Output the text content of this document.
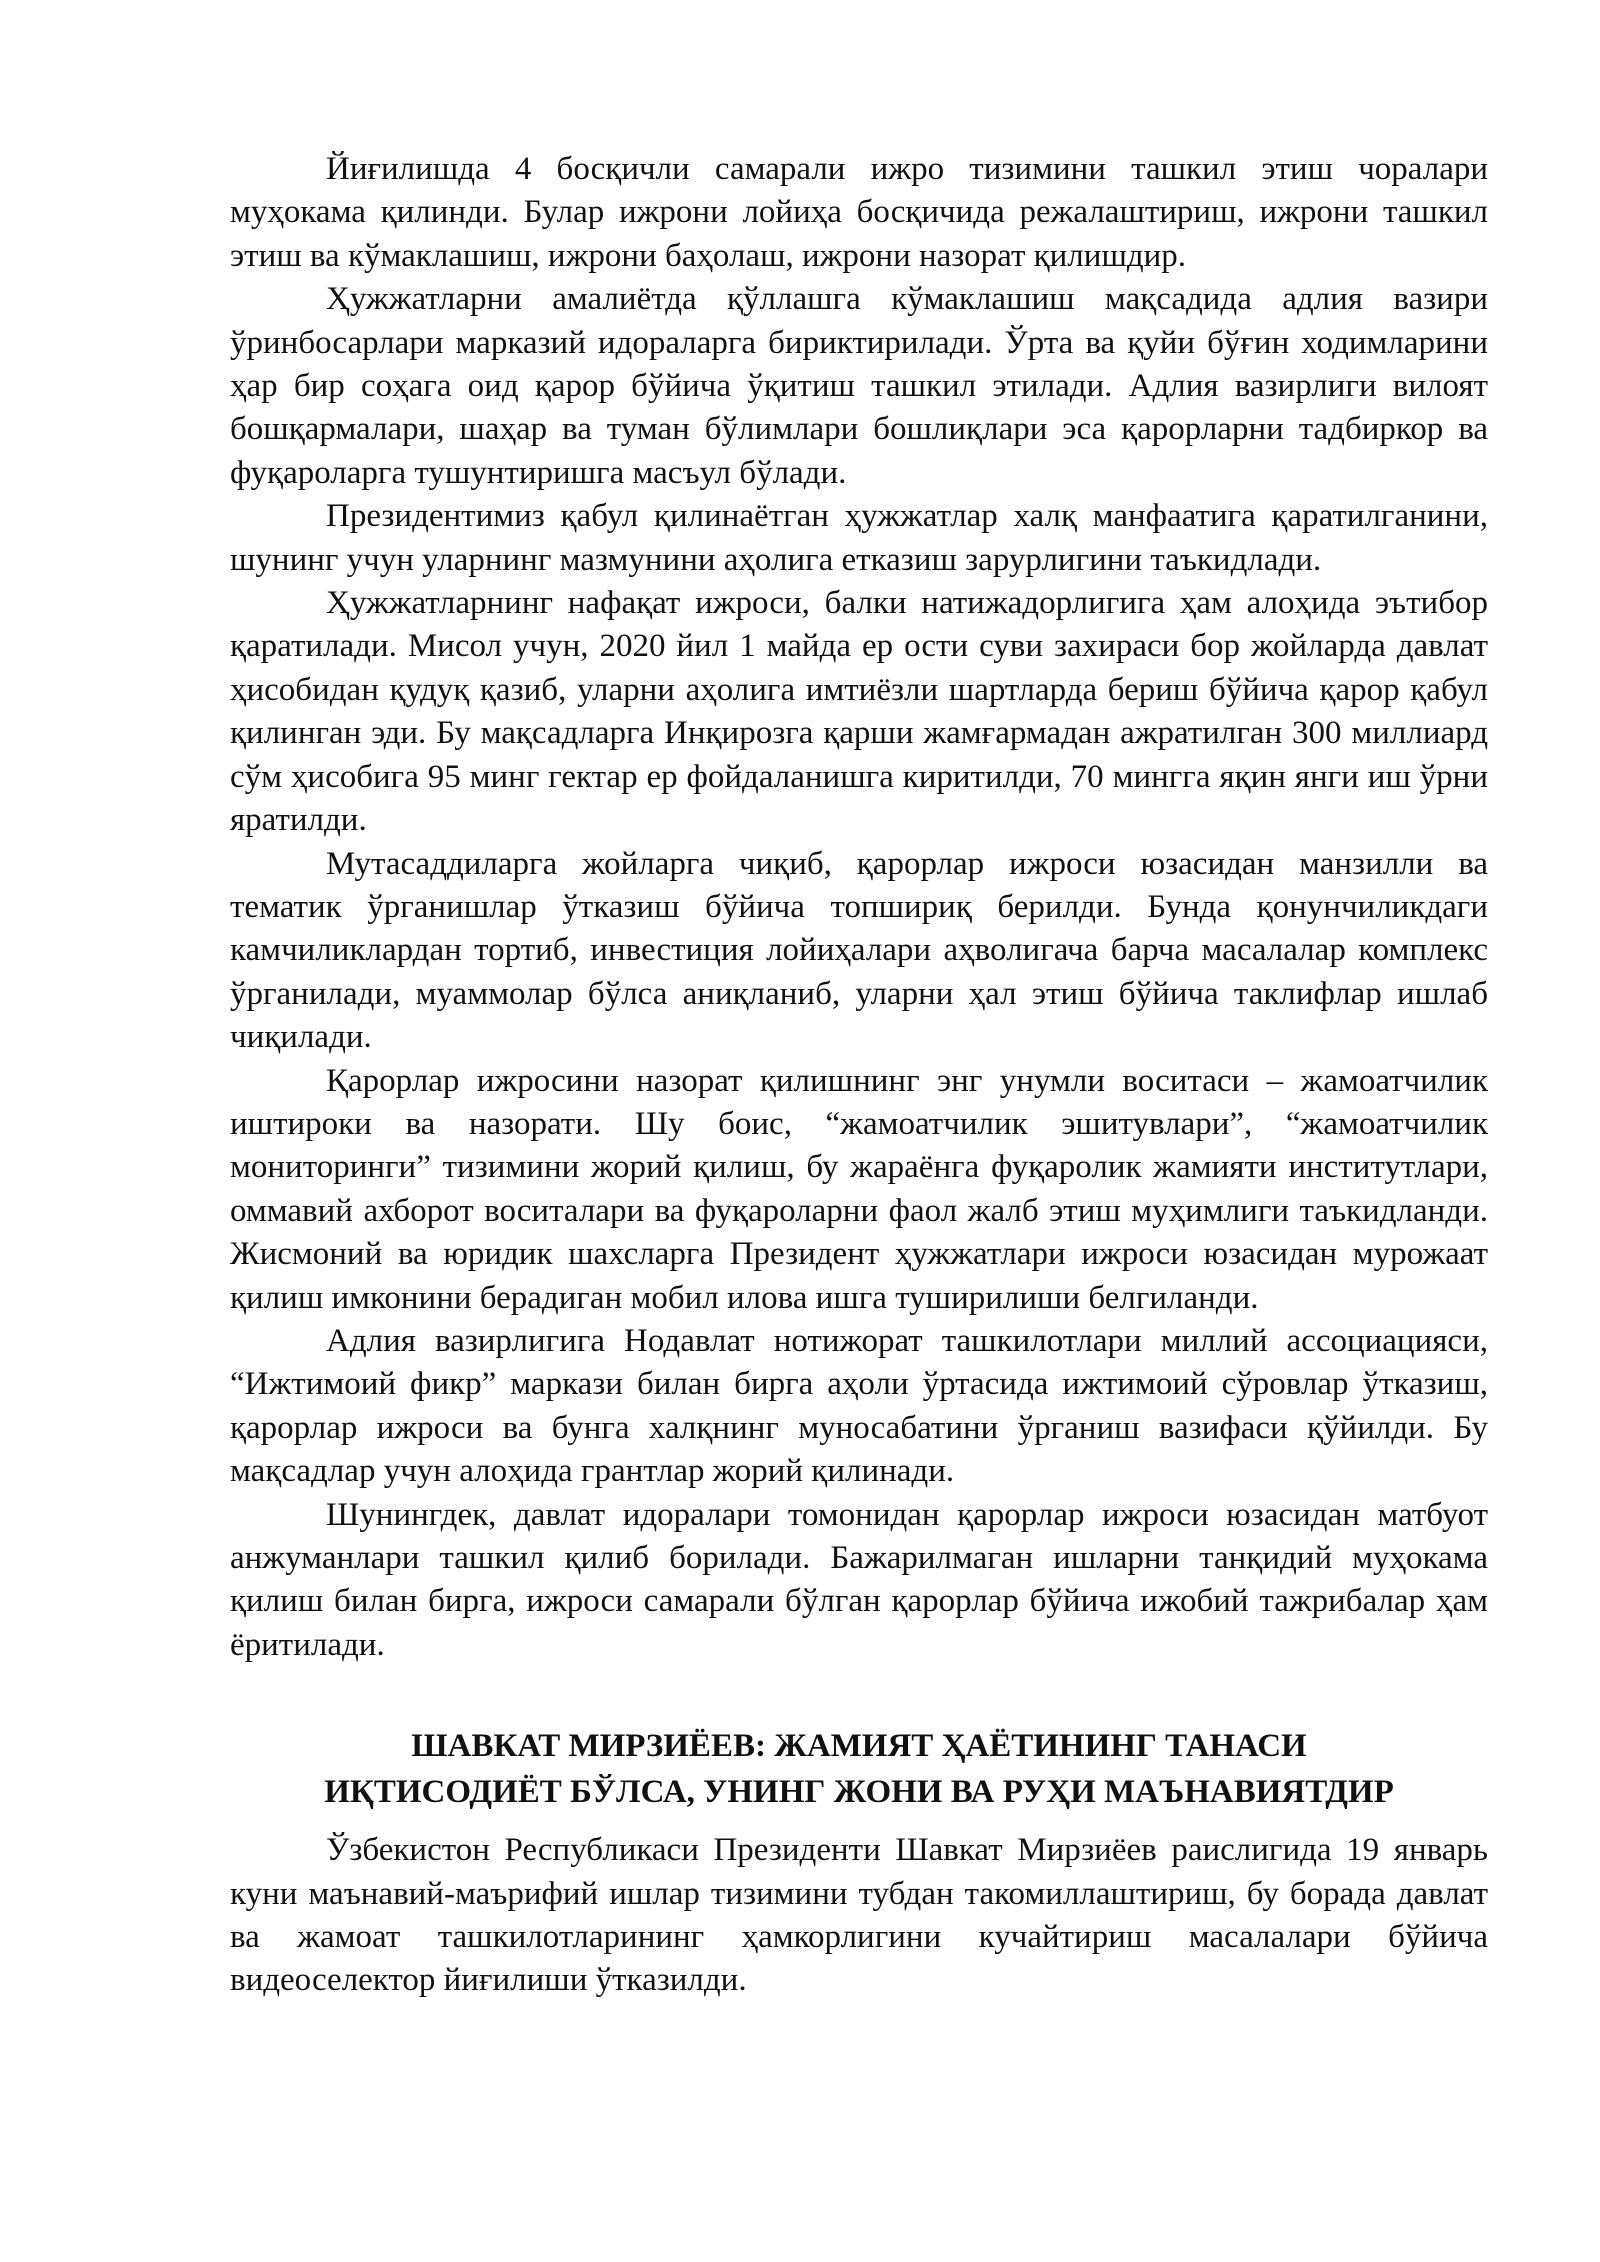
Йиғилишда 4 босқичли самарали ижро тизимини ташкил этиш чоралари муҳокама қилинди. Булар ижрони лойиҳа босқичида режалаштириш, ижрони ташкил этиш ва кўмаклашиш, ижрони баҳолаш, ижрони назорат қилишдир.

Ҳужжатларни амалиётда қўллашга кўмаклашиш мақсадида адлия вазири ўринбосарлари марказий идораларга бириктирилади. Ўрта ва қуйи бўғин ходимларини ҳар бир соҳага оид қарор бўйича ўқитиш ташкил этилади. Адлия вазирлиги вилоят бошқармалари, шаҳар ва туман бўлимлари бошлиқлари эса қарорларни тадбиркор ва фуқароларга тушунтиришга масъул бўлади.

Президентимиз қабул қилинаётган ҳужжатлар халқ манфаатига қаратилганини, шунинг учун уларнинг мазмунини аҳолига етказиш зарурлигини таъкидлади.

Ҳужжатларнинг нафақат ижроси, балки натижадорлигига ҳам алоҳида эътибор қаратилади. Мисол учун, 2020 йил 1 майда ер ости суви захираси бор жойларда давлат ҳисобидан қудуқ қазиб, уларни аҳолига имтиёзли шартларда бериш бўйича қарор қабул қилинган эди. Бу мақсадларга Инқирозга қарши жамғармадан ажратилган 300 миллиард сўм ҳисобига 95 минг гектар ер фойдаланишга киритилди, 70 мингга яқин янги иш ўрни яратилди.

Мутасаддиларга жойларга чиқиб, қарорлар ижроси юзасидан манзилли ва тематик ўрганишлар ўтказиш бўйича топшириқ берилди. Бунда қонунчиликдаги камчиликлардан тортиб, инвестиция лойиҳалари аҳволигача барча масалалар комплекс ўрганилади, муаммолар бўлса аниқланиб, уларни ҳал этиш бўйича таклифлар ишлаб чиқилади.

Қарорлар ижросини назорат қилишнинг энг унумли воситаси – жамоатчилик иштироки ва назорати. Шу боис, “жамоатчилик эшитувлари”, “жамоатчилик мониторинги” тизимини жорий қилиш, бу жараёнга фуқаролик жамияти институтлари, оммавий ахборот воситалари ва фуқароларни фаол жалб этиш муҳимлиги таъкидланди. Жисмоний ва юридик шахсларга Президент ҳужжатлари ижроси юзасидан мурожаат қилиш имконини берадиган мобил илова ишга туширилиши белгиланди.

Адлия вазирлигига Нодавлат нотижорат ташкилотлари миллий ассоциацияси, “Ижтимоий фикр” маркази билан бирга аҳоли ўртасида ижтимоий сўровлар ўтказиш, қарорлар ижроси ва бунга халқнинг муносабатини ўрганиш вазифаси қўйилди. Бу мақсадлар учун алоҳида грантлар жорий қилинади.

Шунингдек, давлат идоралари томонидан қарорлар ижроси юзасидан матбуот анжуманлари ташкил қилиб борилади. Бажарилмаган ишларни танқидий муҳокама қилиш билан бирга, ижроси самарали бўлган қарорлар бўйича ижобий тажрибалар ҳам ёритилади.

ШАВКАТ МИРЗИЁЕВ: ЖАМИЯТ ҲАЁТИНИНГ ТАНАСИ
ИҚТИСОДИЁТ БЎЛСА, УНИНГ ЖОНИ ВА РУҲИ МАЪНАВИЯТДИР

Ўзбекистон Республикаси Президенти Шавкат Мирзиёев раислигида 19 январь куни маънавий-маърифий ишлар тизимини тубдан такомиллаштириш, бу борада давлат ва жамоат ташкилотларининг ҳамкорлигини кучайтириш масалалари бўйича видеоселектор йиғилиши ўтказилди.
